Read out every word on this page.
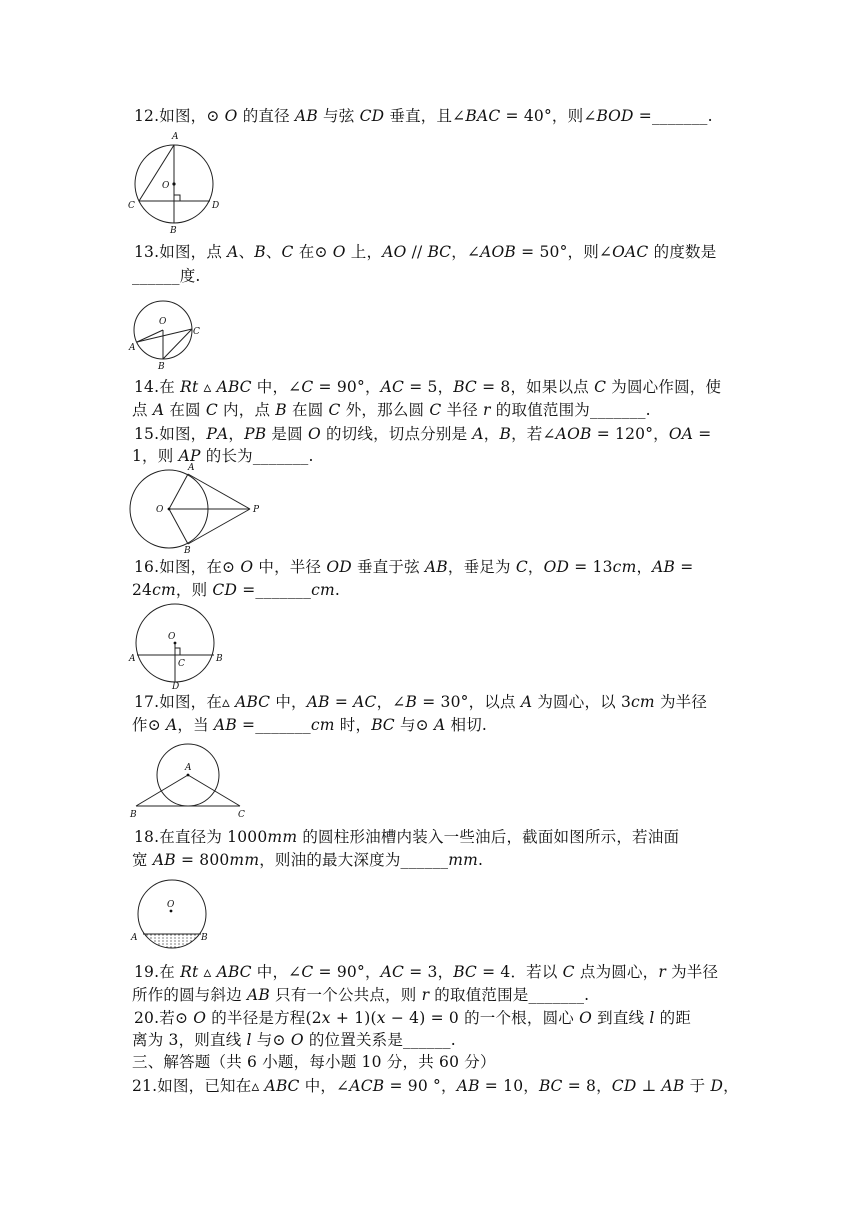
12.如图，⊙ 𝑂 的直径 𝐴𝐵 与弦 𝐶𝐷 垂直，且∠𝐵𝐴𝐶 = 40°，则∠𝐵𝑂𝐷 =_______.
A
O
C	D
B
13.如图，点 𝐴、𝐵、𝐶 在⊙ 𝑂 上，𝐴𝑂 // 𝐵𝐶，∠𝐴𝑂𝐵 = 50°，则∠𝑂𝐴𝐶 的度数是
______度.
O
A
B
C
14.在 𝑅𝑡 ▵ 𝐴𝐵𝐶 中，∠𝐶 = 90°，𝐴𝐶 = 5，𝐵𝐶 = 8，如果以点 𝐶 为圆心作圆，使
点 𝐴 在圆 𝐶 内，点 𝐵 在圆 𝐶 外，那么圆 𝐶 半径 𝑟 的取值范围为_______.
15.如图，𝑃𝐴，𝑃𝐵 是圆 𝑂 的切线，切点分别是 𝐴，𝐵，若∠𝐴𝑂𝐵 = 120°，𝑂𝐴 =
1，则 𝐴𝑃 的长为_______.
A
O	P
B
16.如图，在⊙ 𝑂 中，半径 𝑂𝐷 垂直于弦 𝐴𝐵，垂足为 𝐶，𝑂𝐷 = 13𝑐𝑚，𝐴𝐵 =
24𝑐𝑚，则 𝐶𝐷 =_______𝑐𝑚.
O
A	C	B
D
17.如图，在▵ 𝐴𝐵𝐶 中，𝐴𝐵 = 𝐴𝐶，∠𝐵 = 30°，以点 𝐴 为圆心，以 3𝑐𝑚 为半径
作⊙ 𝐴，当 𝐴𝐵 =_______𝑐𝑚 时，𝐵𝐶 与⊙ 𝐴 相切.
A
B	C
18.在直径为 1000𝑚𝑚 的圆柱形油槽内装入一些油后，截面如图所示，若油面
宽 𝐴𝐵 = 800𝑚𝑚，则油的最大深度为______𝑚𝑚.
O
A	B
19.在 𝑅𝑡 ▵ 𝐴𝐵𝐶 中，∠𝐶 = 90°，𝐴𝐶 = 3，𝐵𝐶 = 4．若以 𝐶 点为圆心，𝑟 为半径
所作的圆与斜边 𝐴𝐵 只有一个公共点，则 𝑟 的取值范围是_______.
20.若⊙ 𝑂 的半径是方程(2𝑥 + 1)(𝑥 − 4) = 0 的一个根，圆心 𝑂 到直线 𝑙 的距
离为 3，则直线 𝑙 与⊙ 𝑂 的位置关系是______.
三、解答题（共 6 小题，每小题 10 分，共 60 分）
21.如图，已知在▵ 𝐴𝐵𝐶 中，∠𝐴𝐶𝐵 = 90 °，𝐴𝐵 = 10，𝐵𝐶 = 8，𝐶𝐷 ⊥ 𝐴𝐵 于 𝐷，
